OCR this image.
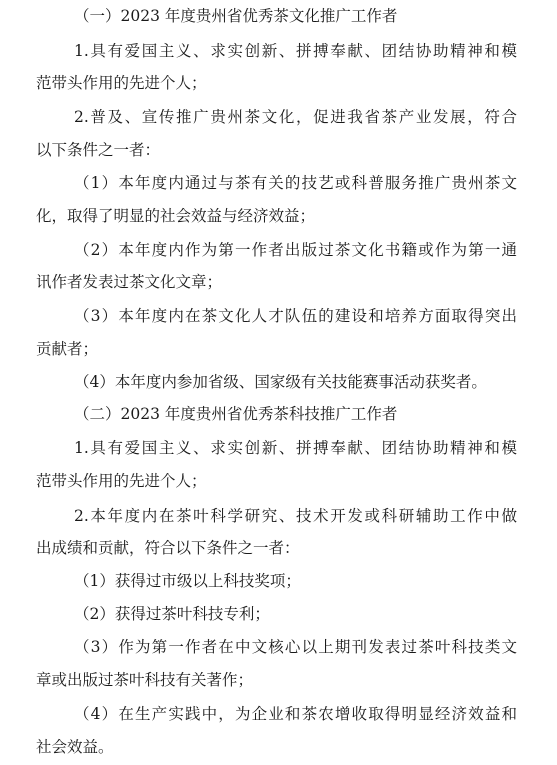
（一）2023 年度贵州省优秀茶文化推广工作者
1.具有爱国主义、求实创新、拼搏奉献、团结协助精神和模
范带头作用的先进个人；
2.普及、宣传推广贵州茶文化，促进我省茶产业发展，符合
以下条件之一者：
（1）本年度内通过与茶有关的技艺或科普服务推广贵州茶文
化，取得了明显的社会效益与经济效益；
（2）本年度内作为第一作者出版过茶文化书籍或作为第一通
讯作者发表过茶文化文章；
（3）本年度内在茶文化人才队伍的建设和培养方面取得突出
贡献者；
（4）本年度内参加省级、国家级有关技能赛事活动获奖者。
（二）2023 年度贵州省优秀茶科技推广工作者
1.具有爱国主义、求实创新、拼搏奉献、团结协助精神和模
范带头作用的先进个人；
2.本年度内在茶叶科学研究、技术开发或科研辅助工作中做
出成绩和贡献，符合以下条件之一者：
（1）获得过市级以上科技奖项；
（2）获得过茶叶科技专利；
（3）作为第一作者在中文核心以上期刊发表过茶叶科技类文
章或出版过茶叶科技有关著作；
（4）在生产实践中，为企业和茶农增收取得明显经济效益和
社会效益。
